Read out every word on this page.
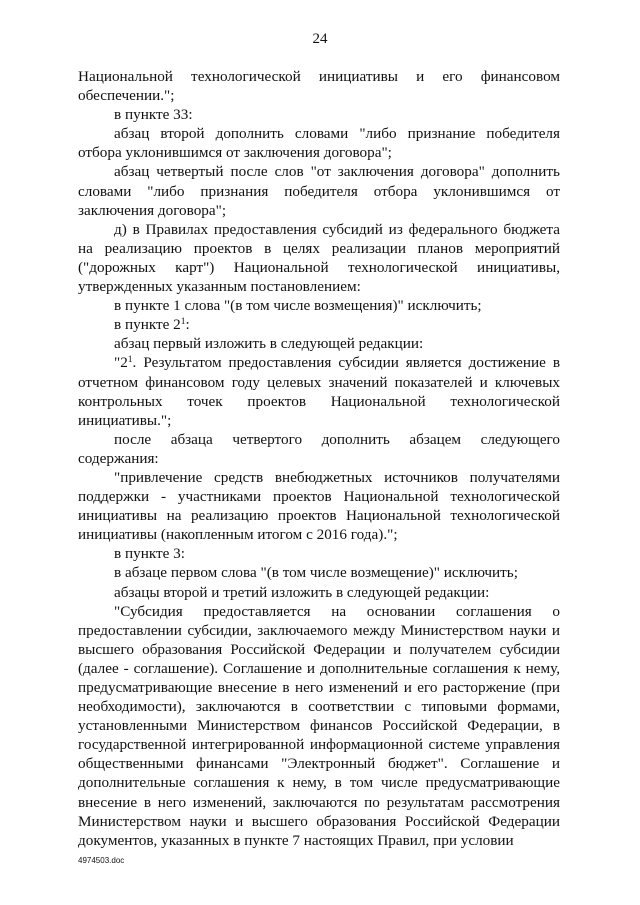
24

Национальной технологической инициативы и его финансовом обеспечении.";

в пункте 33:

абзац второй дополнить словами "либо признание победителя отбора уклонившимся от заключения договора";

абзац четвертый после слов "от заключения договора" дополнить словами "либо признания победителя отбора уклонившимся от заключения договора";

д) в Правилах предоставления субсидий из федерального бюджета на реализацию проектов в целях реализации планов мероприятий ("дорожных карт") Национальной технологической инициативы, утвержденных указанным постановлением:

в пункте 1 слова "(в том числе возмещения)" исключить;

в пункте $2^1$:

абзац первый изложить в следующей редакции:

"$2^1$. Результатом предоставления субсидии является достижение в отчетном финансовом году целевых значений показателей и ключевых контрольных точек проектов Национальной технологической инициативы.";

после абзаца четвертого дополнить абзацем следующего содержания:

"привлечение средств внебюджетных источников получателями поддержки - участниками проектов Национальной технологической инициативы на реализацию проектов Национальной технологической инициативы (накопленным итогом с 2016 года).";

в пункте 3:

в абзаце первом слова "(в том числе возмещение)" исключить;

абзацы второй и третий изложить в следующей редакции:

"Субсидия предоставляется на основании соглашения о предоставлении субсидии, заключаемого между Министерством науки и высшего образования Российской Федерации и получателем субсидии (далее - соглашение). Соглашение и дополнительные соглашения к нему, предусматривающие внесение в него изменений и его расторжение (при необходимости), заключаются в соответствии с типовыми формами, установленными Министерством финансов Российской Федерации, в государственной интегрированной информационной системе управления общественными финансами "Электронный бюджет". Соглашение и дополнительные соглашения к нему, в том числе предусматривающие внесение в него изменений, заключаются по результатам рассмотрения Министерством науки и высшего образования Российской Федерации документов, указанных в пункте 7 настоящих Правил, при условии

4974503.doc
